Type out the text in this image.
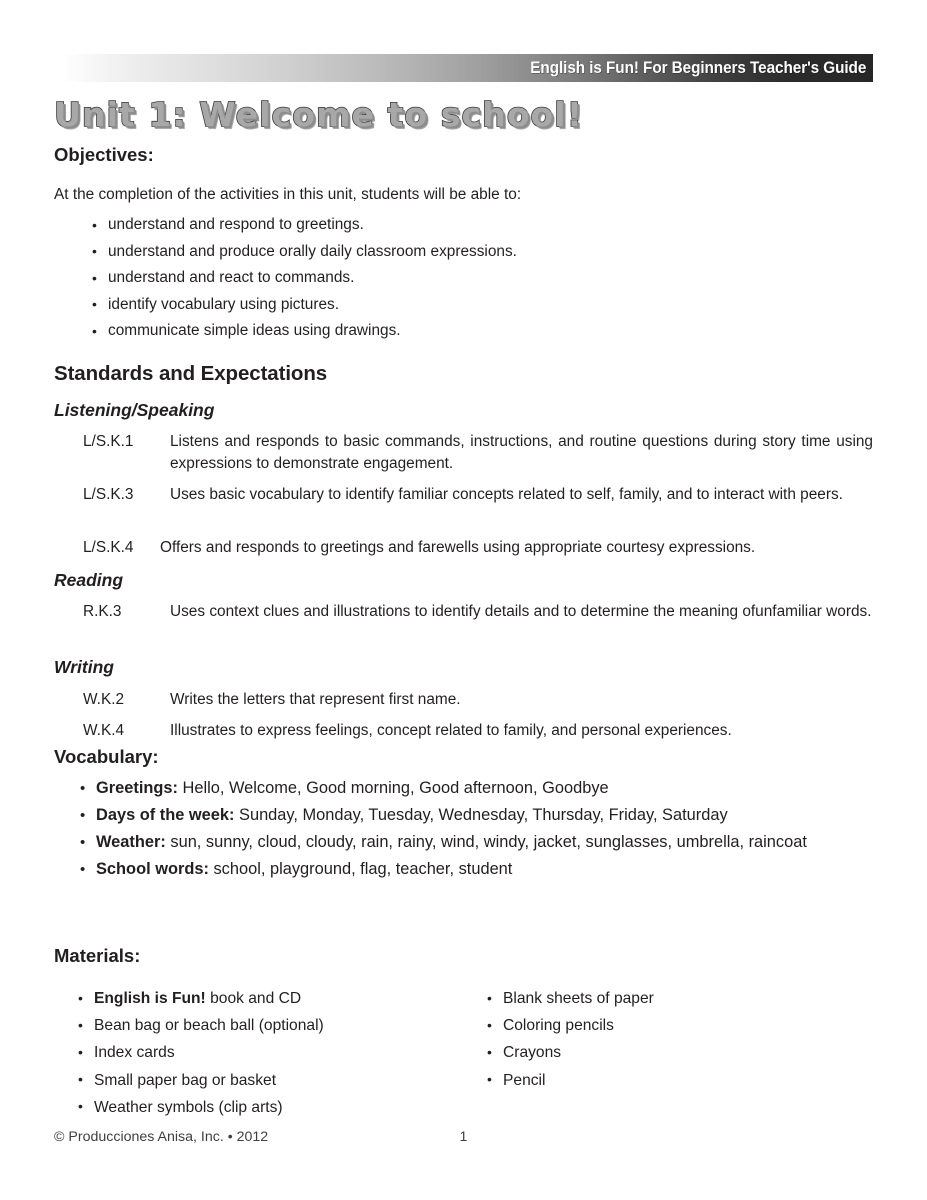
English is Fun! For Beginners Teacher's Guide
Unit 1: Welcome to school!
Objectives:
At the completion of the activities in this unit, students will be able to:
• understand and respond to greetings.
• understand and produce orally daily classroom expressions.
• understand and react to commands.
• identify vocabulary using pictures.
• communicate simple ideas using drawings.
Standards and Expectations
Listening/Speaking
L/S.K.1	Listens and responds to basic commands, instructions, and routine questions during story time using expressions to demonstrate engagement.
L/S.K.3	Uses basic vocabulary to identify familiar concepts related to self, family, and to interact with peers.
L/S.K.4	Offers and responds to greetings and farewells using appropriate courtesy expressions.
Reading
R.K.3	Uses context clues and illustrations to identify details and to determine the meaning ofunfamiliar words.
Writing
W.K.2	Writes the letters that represent first name.
W.K.4	Illustrates to express feelings, concept related to family, and personal experiences.
Vocabulary:
• Greetings: Hello, Welcome, Good morning, Good afternoon, Goodbye
• Days of the week: Sunday, Monday, Tuesday, Wednesday, Thursday, Friday, Saturday
• Weather: sun, sunny, cloud, cloudy, rain, rainy, wind, windy, jacket, sunglasses, umbrella, raincoat
• School words: school, playground, flag, teacher, student
Materials:
• English is Fun! book and CD
• Bean bag or beach ball (optional)
• Index cards
• Small paper bag or basket
• Weather symbols (clip arts)
• Blank sheets of paper
• Coloring pencils
• Crayons
• Pencil
© Producciones Anisa, Inc. • 2012	1
